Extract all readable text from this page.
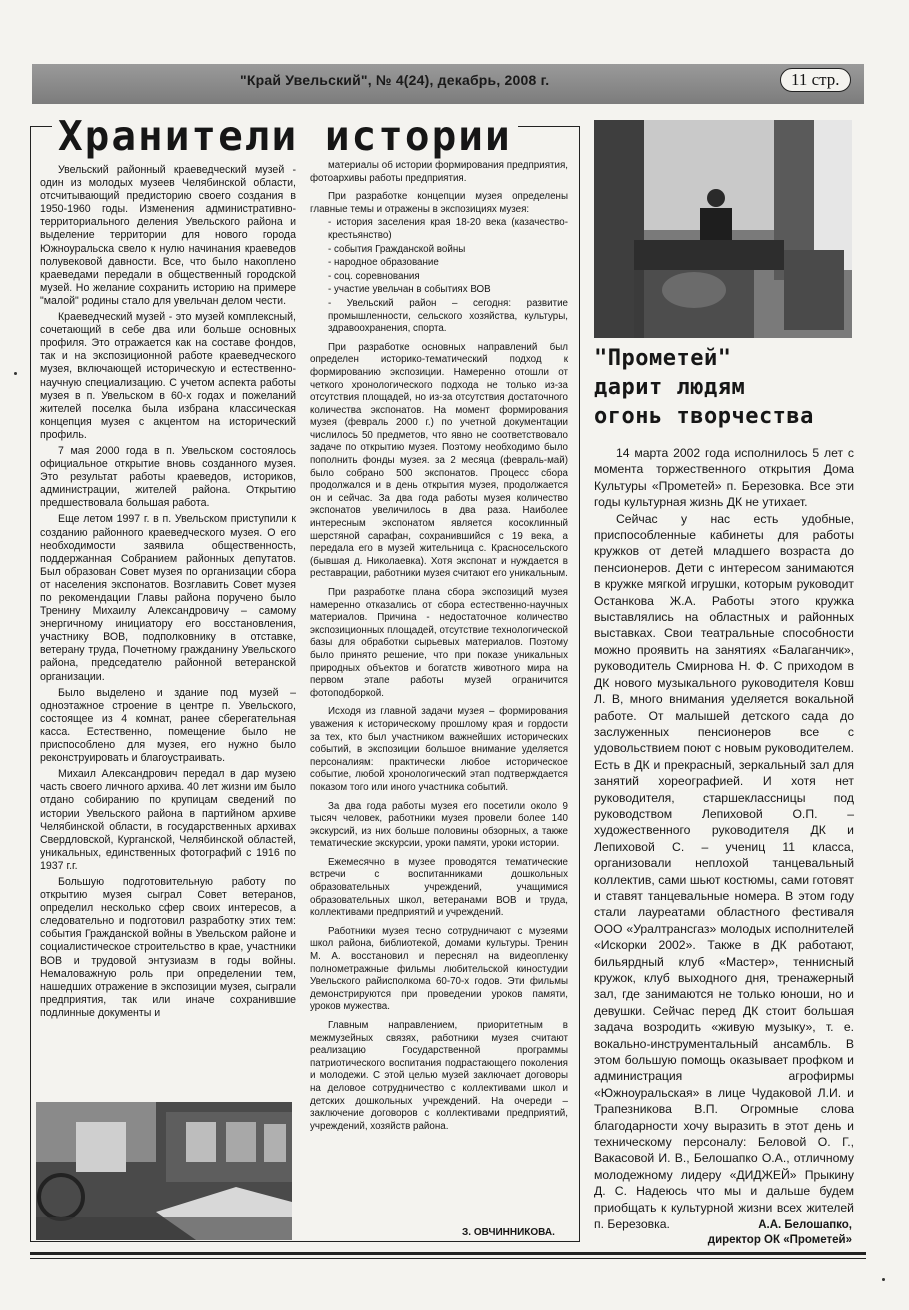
"Край Увельский", № 4(24), декабрь, 2008 г.	11 стр.
Хранители истории

Увельский районный краеведческий музей - один из молодых музеев Челябинской области, отсчитывающий предисторию своего создания в 1950-1960 годы. Изменения административно-территориального деления Увельского района и выделение территории для нового города Южноуральска свело к нулю начинания краеведов полувековой давности. Все, что было накоплено краеведами передали в общественный городской музей. Но желание сохранить историю на примере "малой" родины стало для увельчан делом чести.

Краеведческий музей - это музей комплексный, сочетающий в себе два или больше основных профиля. Это отражается как на составе фондов, так и на экспозиционной работе краеведческого музея, включающей историческую и естественно-научную специализацию. С учетом аспекта работы музея в п. Увельском в 60-х годах и пожеланий жителей поселка была избрана классическая концепция музея с акцентом на исторический профиль.

7 мая 2000 года в п. Увельском состоялось официальное открытие вновь созданного музея. Это результат работы краеведов, историков, администрации, жителей района. Открытию предшествовала большая работа.

Еще летом 1997 г. в п. Увельском приступили к созданию районного краеведческого музея. О его необходимости заявила общественность, поддержанная Собранием районных депутатов. Был образован Совет музея по организации сбора от населения экспонатов. Возглавить Совет музея по рекомендации Главы района поручено было Тренину Михаилу Александровичу – самому энергичному инициатору его восстановления, участнику ВОВ, подполковнику в отставке, ветерану труда, Почетному гражданину Увельского района, председателю районной ветеранской организации.

Было выделено и здание под музей – одноэтажное строение в центре п. Увельского, состоящее из 4 комнат, ранее сберегательная касса. Естественно, помещение было не приспособлено для музея, его нужно было реконструировать и благоустраивать.

Михаил Александрович передал в дар музею часть своего личного архива. 40 лет жизни им было отдано собиранию по крупицам сведений по истории Увельского района в партийном архиве Челябинской области, в государственных архивах Свердловской, Курганской, Челябинской областей, уникальных, единственных фотографий с 1916 по 1937 г.г.

Большую подготовительную работу по открытию музея сыграл Совет ветеранов, определил несколько сфер своих интересов, а следовательно и подготовил разработку этих тем: события Гражданской войны в Увельском районе и социалистическое строительство в крае, участники ВОВ и трудовой энтузиазм в годы войны. Немаловажную роль при определении тем, нашедших отражение в экспозиции музея, сыграли предприятия, так или иначе сохранившие подлинные документы и

материалы об истории формирования предприятия, фотоархивы работы предприятия.

При разработке концепции музея определены главные темы и отражены в экспозициях музея:

- история заселения края 18-20 века (казачество-крестьянство)

- события Гражданской войны

- народное образование

- соц. соревнования

- участие увельчан в событиях ВОВ

- Увельский район – сегодня: развитие промышленности, сельского хозяйства, культуры, здравоохранения, спорта.

При разработке основных направлений был определен историко-тематический подход к формированию экспозиции. Намеренно отошли от четкого хронологического подхода не только из-за отсутствия площадей, но из-за отсутствия достаточного количества экспонатов. На момент формирования музея (февраль 2000 г.) по учетной документации числилось 50 предметов, что явно не соответствовало задаче по открытию музея. Поэтому необходимо было пополнить фонды музея. за 2 месяца (февраль-май) было собрано 500 экспонатов. Процесс сбора продолжался и в день открытия музея, продолжается он и сейчас. За два года работы музея количество экспонатов увеличилось в два раза. Наиболее интересным экспонатом является косоклинный шерстяной сарафан, сохранившийся с 19 века, а передала его в музей жительница с. Красносельского (бывшая д. Николаевка). Хотя экспонат и нуждается в реставрации, работники музея считают его уникальным.

При разработке плана сбора экспозиций музея намеренно отказались от сбора естественно-научных материалов. Причина - недостаточное количество экспозиционных площадей, отсутствие технологической базы для обработки сырьевых материалов. Поэтому было принято решение, что при показе уникальных природных объектов и богатств животного мира на первом этапе работы музей ограничится фотоподборкой.

Исходя из главной задачи музея – формирования уважения к историческому прошлому края и гордости за тех, кто был участником важнейших исторических событий, в экспозиции большое внимание уделяется персоналиям: практически любое историческое событие, любой хронологический этап подтверждается показом того или иного участника событий.

За два года работы музея его посетили около 9 тысяч человек, работники музея провели более 140 экскурсий, из них больше половины обзорных, а также тематические экскурсии, уроки памяти, уроки истории.

Ежемесячно в музее проводятся тематические встречи с воспитанниками дошкольных образовательных учреждений, учащимися образовательных школ, ветеранами ВОВ и труда, коллективами предприятий и учреждений.

Работники музея тесно сотрудничают с музеями школ района, библиотекой, домами культуры. Тренин М. А. восстановил и переснял на видеопленку полнометражные фильмы любительской киностудии Увельского райисполкома 60-70-х годов. Эти фильмы демонстрируются при проведении уроков памяти, уроков мужества.

Главным направлением, приоритетным в межмузейных связях, работники музея считают реализацию Государственной программы патриотического воспитания подрастающего поколения и молодежи. С этой целью музей заключает договоры на деловое сотрудничество с коллективами школ и детских дошкольных учреждений. На очереди – заключение договоров с коллективами предприятий, учреждений, хозяйств района.

З. ОВЧИННИКОВА.
"Прометей"
дарит людям
огонь творчества

14 марта 2002 года исполнилось 5 лет с момента торжественного открытия Дома Культуры «Прометей» п. Березовка. Все эти годы культурная жизнь ДК не утихает.

Сейчас у нас есть удобные, приспособленные кабинеты для работы кружков от детей младшего возраста до пенсионеров. Дети с интересом занимаются в кружке мягкой игрушки, которым руководит Останкова Ж.А. Работы этого кружка выставлялись на областных и районных выставках. Свои театральные способности можно проявить на занятиях «Балаганчик», руководитель Смирнова Н. Ф. С приходом в ДК нового музыкального руководителя Ковш Л. В, много внимания уделяется вокальной работе. От малышей детского сада до заслуженных пенсионеров все с удовольствием поют с новым руководителем. Есть в ДК и прекрасный, зеркальный зал для занятий хореографией. И хотя нет руководителя, старшеклассницы под руководством Лепиховой О.П. – художественного руководителя ДК и Лепиховой С. – учениц 11 класса, организовали неплохой танцевальный коллектив, сами шьют костюмы, сами готовят и ставят танцевальные номера. В этом году стали лауреатами областного фестиваля ООО «Уралтрансгаз» молодых исполнителей «Искорки 2002». Также в ДК работают, бильярдный клуб «Мастер», теннисный кружок, клуб выходного дня, тренажерный зал, где занимаются не только юноши, но и девушки. Сейчас перед ДК стоит большая задача возродить «живую музыку», т. е. вокально-инструментальный ансамбль. В этом большую помощь оказывает профком и администрация агрофирмы «Южноуральская» в лице Чудаковой Л.И. и Трапезникова В.П. Огромные слова благодарности хочу выразить в этот день и техническому персоналу: Беловой О. Г., Вакасовой И. В., Белошапко О.А., отличному молодежному лидеру «ДИДЖЕЙ» Прыкину Д. С. Надеюсь что мы и дальше будем приобщать к культурной жизни всех жителей п. Березовка.	А.А. Белошапко,
директор ОК «Прометей»
